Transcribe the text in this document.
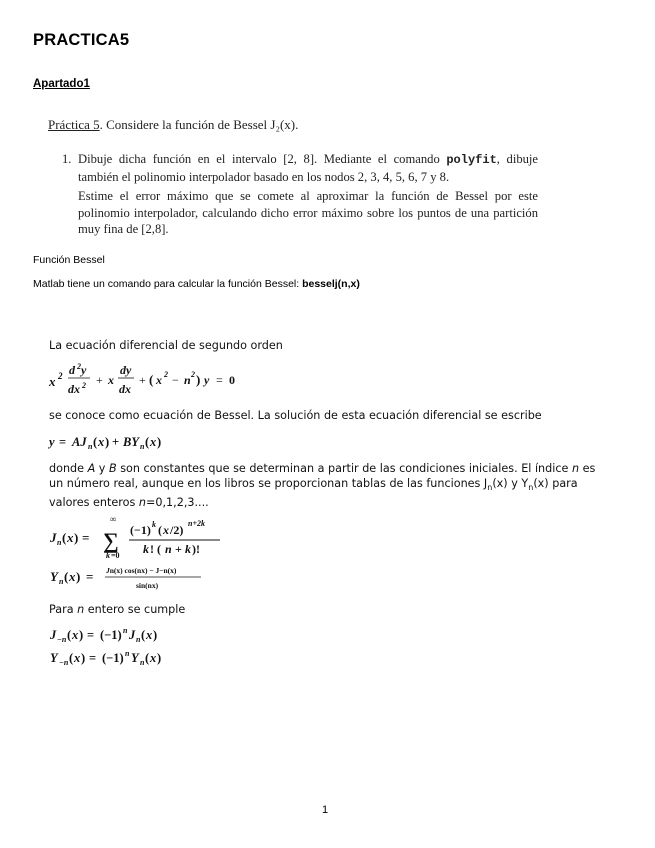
PRACTICA5
Apartado1
Práctica 5. Considere la función de Bessel J₂(x).
1. Dibuje dicha función en el intervalo [2, 8]. Mediante el comando polyfit, dibuje también el polinomio interpolador basado en los nodos 2, 3, 4, 5, 6, 7 y 8.
Estime el error máximo que se comete al aproximar la función de Bessel por este polinomio interpolador, calculando dicho error máximo sobre los puntos de una partición muy fina de [2,8].
Función Bessel
Matlab tiene un comando para calcular la función Bessel: besselj(n,x)
La ecuación diferencial de segundo orden
x 2 d 2 y
dx 2 + x
dy
dx
+ ( x 2 − n 2 ) y = 0
se conoce como ecuación de Bessel. La solución de esta ecuación diferencial se escribe
y = AJ n ( x ) + BY n ( x )
donde A y B son constantes que se determinan a partir de las condiciones iniciales. El índice n es un número real, aunque en los libros se proporcionan tablas de las funciones $J_n(x)$ y $Y_n(x)$ para valores enteros n=0,1,2,3....
J n ( x ) =
∞
∑
k =0
(−1) k ( x /2) n+2k
k ! ( n + k )!
Y n ( x ) = Jn(x) cos(nx) − J−n(x)
sin(nx)
Para n entero se cumple
J −n ( x ) = (−1) n J n ( x )
Y −n ( x ) = (−1) n Y n ( x )
1
